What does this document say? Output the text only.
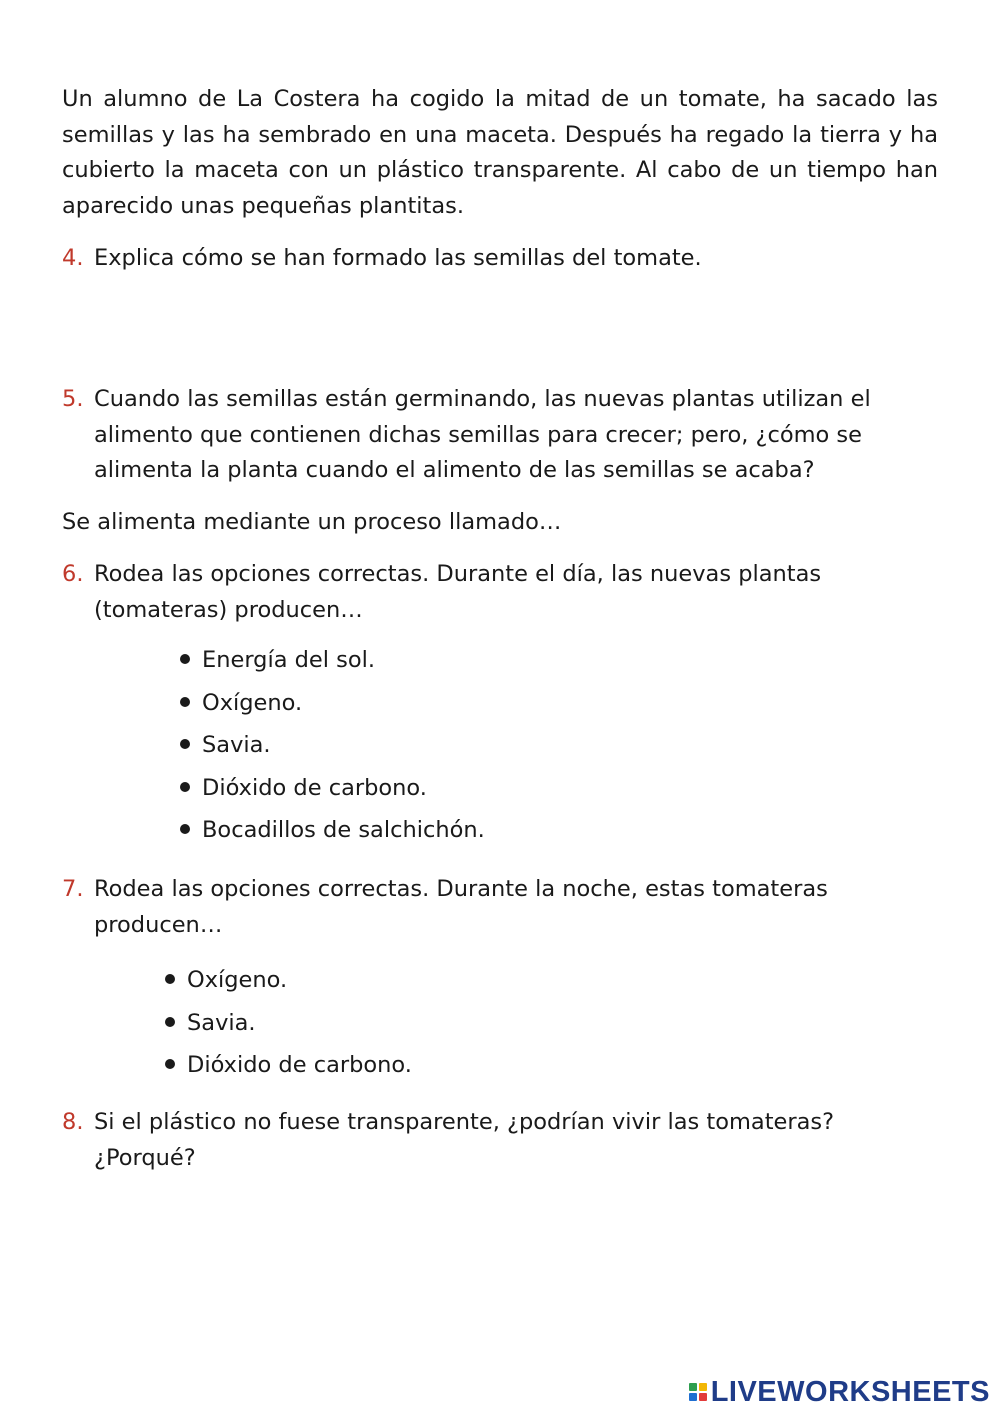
Un alumno de La Costera ha cogido la mitad de un tomate, ha sacado las semillas y las ha sembrado en una maceta. Después ha regado la tierra y ha cubierto la maceta con un plástico transparente. Al cabo de un tiempo han aparecido unas pequeñas plantitas.
4. Explica cómo se han formado las semillas del tomate.
5. Cuando las semillas están germinando, las nuevas plantas utilizan el alimento que contienen dichas semillas para crecer; pero, ¿cómo se alimenta la planta cuando el alimento de las semillas se acaba?
Se alimenta mediante un proceso llamado…
6. Rodea las opciones correctas. Durante el día, las nuevas plantas (tomateras) producen…
Energía del sol.
Oxígeno.
Savia.
Dióxido de carbono.
Bocadillos de salchichón.
7. Rodea las opciones correctas. Durante la noche, estas tomateras producen…
Oxígeno.
Savia.
Dióxido de carbono.
8. Si el plástico no fuese transparente, ¿podrían vivir las tomateras? ¿Porqué?
LIVEWORKSHEETS
